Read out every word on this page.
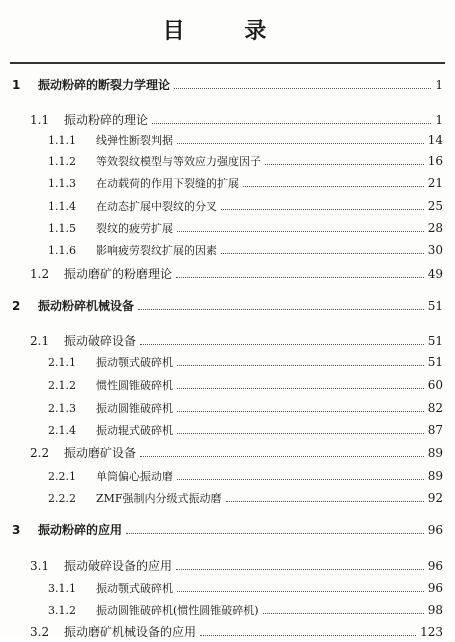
目 录
1	振动粉碎的断裂力学理论	1
1.1	振动粉碎的理论	1
1.1.1	线弹性断裂判据	14
1.1.2	等效裂纹模型与等效应力强度因子	16
1.1.3	在动载荷的作用下裂缝的扩展	21
1.1.4	在动态扩展中裂纹的分叉	25
1.1.5	裂纹的疲劳扩展	28
1.1.6	影响疲劳裂纹扩展的因素	30
1.2	振动磨矿的粉磨理论	49
2	振动粉碎机械设备	51
2.1	振动破碎设备	51
2.1.1	振动颚式破碎机	51
2.1.2	惯性圆锥破碎机	60
2.1.3	振动圆锥破碎机	82
2.1.4	振动辊式破碎机	87
2.2	振动磨矿设备	89
2.2.1	单筒偏心振动磨	89
2.2.2	ZMF强制内分级式振动磨	92
3	振动粉碎的应用	96
3.1	振动破碎设备的应用	96
3.1.1	振动颚式破碎机	96
3.1.2	振动圆锥破碎机(惯性圆锥破碎机)	98
3.2	振动磨矿机械设备的应用	123
